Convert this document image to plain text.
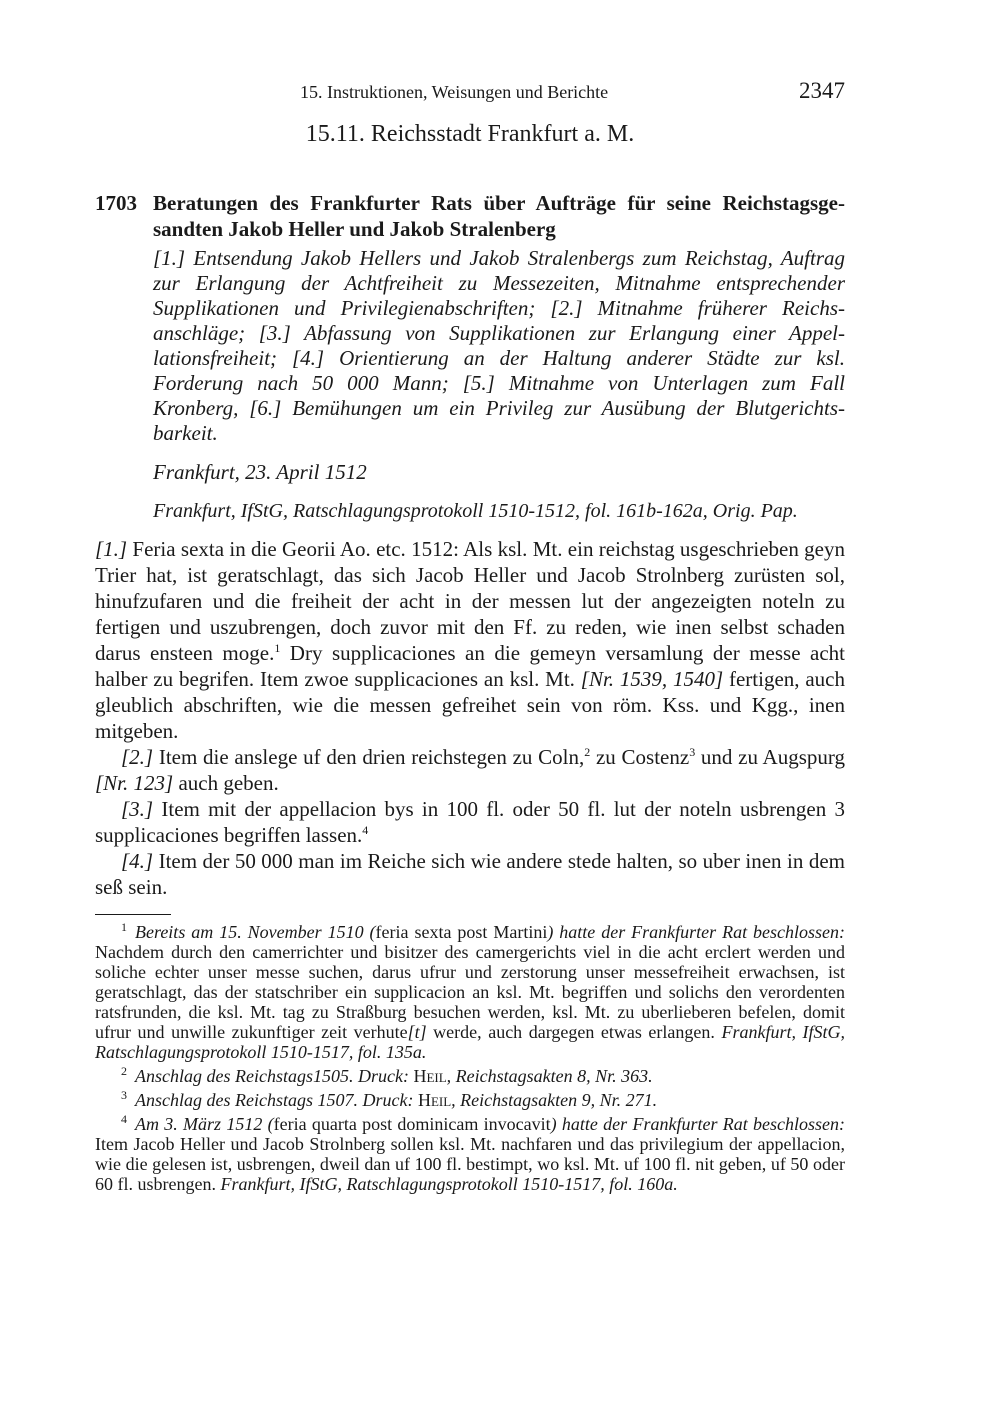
15. Instruktionen, Weisungen und Berichte	2347
15.11. Reichsstadt Frankfurt a. M.
1703 Beratungen des Frankfurter Rats über Aufträge für seine Reichstagsgesandten Jakob Heller und Jakob Stralenberg
[1.] Entsendung Jakob Hellers und Jakob Stralenbergs zum Reichstag, Auftrag zur Erlangung der Achtfreiheit zu Messezeiten, Mitnahme entsprechender Supplikationen und Privilegienabschriften; [2.] Mitnahme früherer Reichsanschläge; [3.] Abfassung von Supplikationen zur Erlangung einer Appellationsfreiheit; [4.] Orientierung an der Haltung anderer Städte zur ksl. Forderung nach 50 000 Mann; [5.] Mitnahme von Unterlagen zum Fall Kronberg, [6.] Bemühungen um ein Privileg zur Ausübung der Blutgerichtsbarkeit.
Frankfurt, 23. April 1512
Frankfurt, IfStG, Ratschlagungsprotokoll 1510-1512, fol. 161b-162a, Orig. Pap.

[1.] Feria sexta in die Georii Ao. etc. 1512: Als ksl. Mt. ein reichstag usgeschrieben geyn Trier hat, ist geratschlagt, das sich Jacob Heller und Jacob Strolnberg zurüsten sol, hinufzufaren und die freiheit der acht in der messen lut der angezeigten noteln zu fertigen und uszubrengen, doch zuvor mit den Ff. zu reden, wie inen selbst schaden darus ensteen moge.$^1$ Dry supplicaciones an die gemeyn versamlung der messe acht halber zu begrifen. Item zwoe supplicaciones an ksl. Mt. [Nr. 1539, 1540] fertigen, auch gleublich abschriften, wie die messen gefreihet sein von röm. Kss. und Kgg., inen mitgeben.

[2.] Item die anslege uf den drien reichstegen zu Coln,$^2$ zu Costenz$^3$ und zu Augspurg [Nr. 123] auch geben.

[3.] Item mit der appellacion bys in 100 fl. oder 50 fl. lut der noteln usbrengen 3 supplicaciones begriffen lassen.$^4$

[4.] Item der 50 000 man im Reiche sich wie andere stede halten, so uber inen in dem seß sein.

$^1$ Bereits am 15. November 1510 (feria sexta post Martini) hatte der Frankfurter Rat beschlossen: Nachdem durch den camerrichter und bisitzer des camergerichts viel in die acht erclert werden und soliche echter unser messe suchen, darus ufrur und zerstorung unser messefreiheit erwachsen, ist geratschlagt, das der statschriber ein supplicacion an ksl. Mt. begriffen und solichs den verordenten ratsfrunden, die ksl. Mt. tag zu Straßburg besuchen werden, ksl. Mt. zu uberlieberen befelen, domit ufrur und unwille zukunftiger zeit verhute[t] werde, auch dargegen etwas erlangen. Frankfurt, IfStG, Ratschlagungsprotokoll 1510-1517, fol. 135a.

$^2$ Anschlag des Reichstags1505. Druck: Heil, Reichstagsakten 8, Nr. 363.

$^3$ Anschlag des Reichstags 1507. Druck: Heil, Reichstagsakten 9, Nr. 271.

$^4$ Am 3. März 1512 (feria quarta post dominicam invocavit) hatte der Frankfurter Rat beschlossen: Item Jacob Heller und Jacob Strolnberg sollen ksl. Mt. nachfaren und das privilegium der appellacion, wie die gelesen ist, usbrengen, dweil dan uf 100 fl. bestimpt, wo ksl. Mt. uf 100 fl. nit geben, uf 50 oder 60 fl. usbrengen. Frankfurt, IfStG, Ratschlagungsprotokoll 1510-1517, fol. 160a.
